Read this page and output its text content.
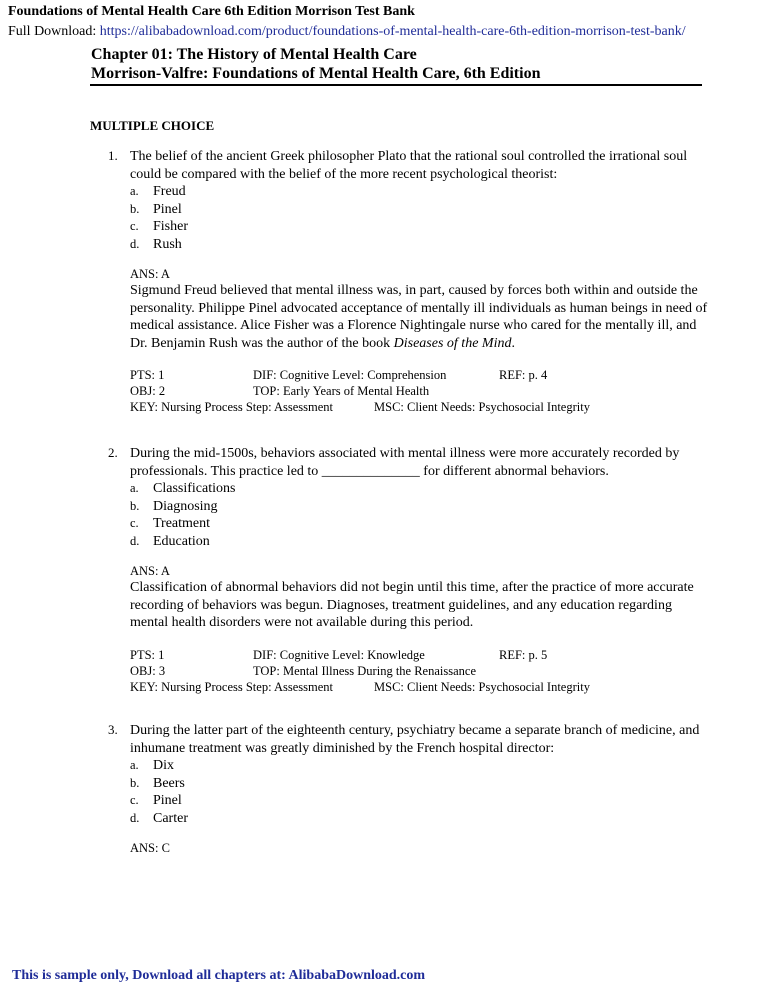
Foundations of Mental Health Care 6th Edition Morrison Test Bank
Full Download: https://alibabadownload.com/product/foundations-of-mental-health-care-6th-edition-morrison-test-bank/
Chapter 01: The History of Mental Health Care
Morrison-Valfre: Foundations of Mental Health Care, 6th Edition
MULTIPLE CHOICE
1. The belief of the ancient Greek philosopher Plato that the rational soul controlled the irrational soul could be compared with the belief of the more recent psychological theorist:
a. Freud
b. Pinel
c. Fisher
d. Rush
ANS: A
Sigmund Freud believed that mental illness was, in part, caused by forces both within and outside the personality. Philippe Pinel advocated acceptance of mentally ill individuals as human beings in need of medical assistance. Alice Fisher was a Florence Nightingale nurse who cared for the mentally ill, and Dr. Benjamin Rush was the author of the book Diseases of the Mind.
PTS: 1	DIF: Cognitive Level: Comprehension	REF: p. 4
OBJ: 2	TOP: Early Years of Mental Health
KEY: Nursing Process Step: Assessment	MSC: Client Needs: Psychosocial Integrity
2. During the mid-1500s, behaviors associated with mental illness were more accurately recorded by professionals. This practice led to ______________ for different abnormal behaviors.
a. Classifications
b. Diagnosing
c. Treatment
d. Education
ANS: A
Classification of abnormal behaviors did not begin until this time, after the practice of more accurate recording of behaviors was begun. Diagnoses, treatment guidelines, and any education regarding mental health disorders were not available during this period.
PTS: 1	DIF: Cognitive Level: Knowledge	REF: p. 5
OBJ: 3	TOP: Mental Illness During the Renaissance
KEY: Nursing Process Step: Assessment	MSC: Client Needs: Psychosocial Integrity
3. During the latter part of the eighteenth century, psychiatry became a separate branch of medicine, and inhumane treatment was greatly diminished by the French hospital director:
a. Dix
b. Beers
c. Pinel
d. Carter
ANS: C
This is sample only, Download all chapters at: AlibabaDownload.com
